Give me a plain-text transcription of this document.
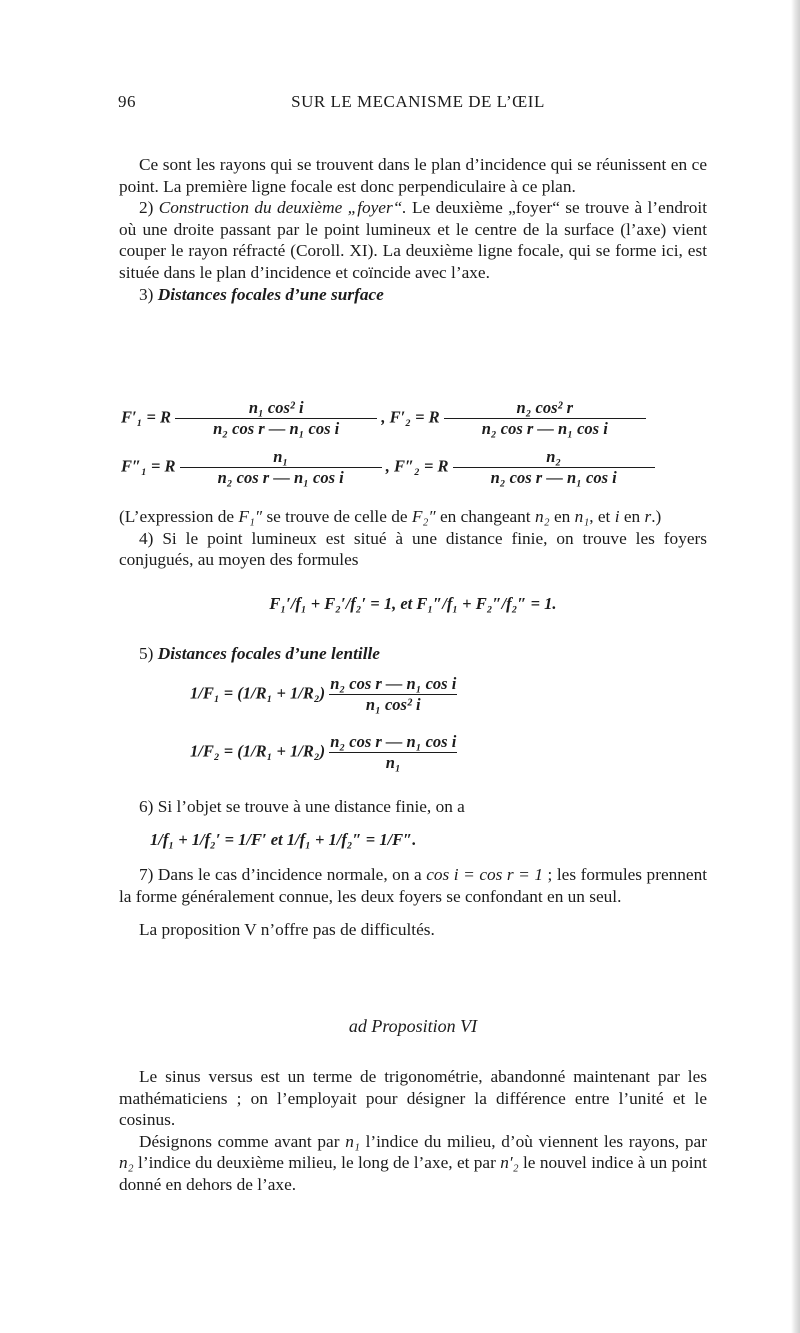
96	SUR LE MECANISME DE L’ŒIL

Ce sont les rayons qui se trouvent dans le plan d’incidence qui se réunissent en ce point. La première ligne focale est donc perpendiculaire à ce plan.

2) Construction du deuxième „foyer“. Le deuxième „foyer“ se trouve à l’endroit où une droite passant par le point lumineux et le centre de la surface (l’axe) vient couper le rayon réfracté (Coroll. XI). La deuxième ligne focale, qui se forme ici, est située dans le plan d’incidence et coïncide avec l’axe.

3) Distances focales d’une surface

F′₁ = R $\frac{\text{n₁ cos² i}}{\text{n₂ cos r — n₁ cos i}}$ , F′₂ = R $\frac{\text{n₂ cos² r}}{\text{n₂ cos r — n₁ cos i}}$
F″₁ = R $\frac{\text{n₁}}{\text{n₂ cos r — n₁ cos i}}$ , F″₂ = R $\frac{\text{n₂}}{\text{n₂ cos r — n₁ cos i}}$

(L’expression de F₁″ se trouve de celle de F₂″ en changeant n₂ en n₁, et i en r.)

4) Si le point lumineux est situé à une distance finie, on trouve les foyers conjugués, au moyen des formules

F₁′/f₁ + F₂′/f₂′ = 1, et F₁″/f₁ + F₂″/f₂″ = 1.

5) Distances focales d’une lentille

$1/F_1 = (1/R_1 + 1/R_2) \frac{\text{n₂ cos r — n₁ cos i}}{\text{n₁ cos² i}}$
$1/F_2 = (1/R_1 + 1/R_2) \frac{\text{n₂ cos r — n₁ cos i}}{\text{n₁}}$

6) Si l’objet se trouve à une distance finie, on a

1/f₁ + 1/f₂′ = 1/F′ et 1/f₁ + 1/f₂″ = 1/F″.

7) Dans le cas d’incidence normale, on a cos i = cos r = 1 ; les formules prennent la forme généralement connue, les deux foyers se confondant en un seul.

La proposition V n’offre pas de difficultés.

ad Proposition VI

Le sinus versus est un terme de trigonométrie, abandonné maintenant par les mathématiciens ; on l’employait pour désigner la différence entre l’unité et le cosinus.

Désignons comme avant par n₁ l’indice du milieu, d’où viennent les rayons, par n₂ l’indice du deuxième milieu, le long de l’axe, et par n′₂ le nouvel indice à un point donné en dehors de l’axe.
